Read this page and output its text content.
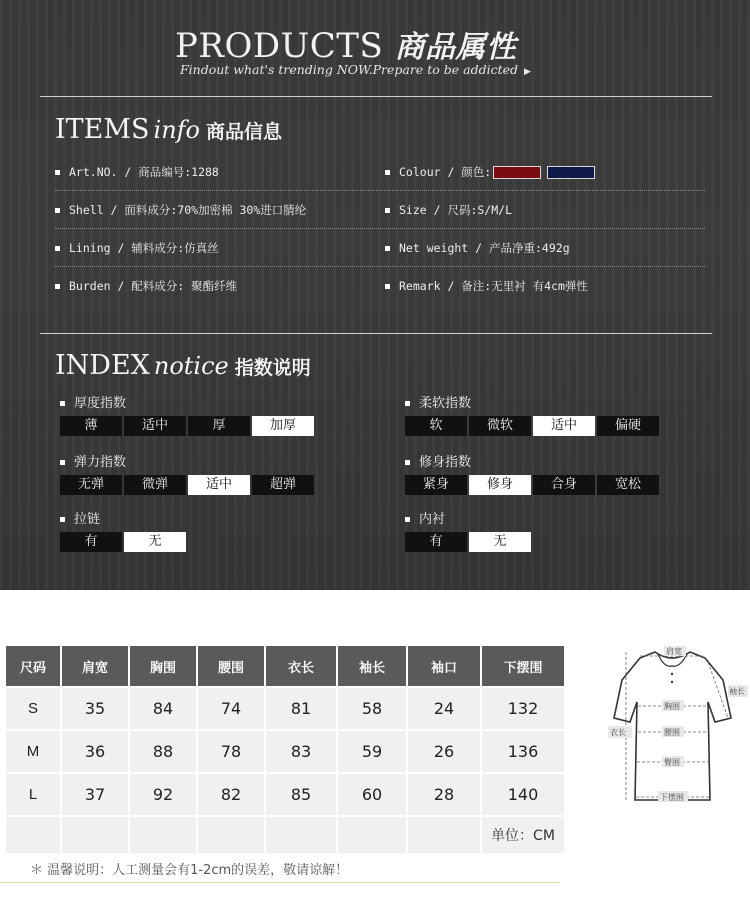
PRODUCTS 商品属性
Findout what's trending NOW.Prepare to be addicted ▶
ITEMS info 商品信息
Art.NO. / 商品编号:1288	Colour / 颜色:
Shell / 面料成分:70%加密棉 30%进口腈纶	Size / 尺码:S/M/L
Lining / 辅料成分:仿真丝	Net weight / 产品净重:492g
Burden / 配料成分: 聚酯纤维	Remark / 备注:无里衬 有4cm弹性
INDEX notice 指数说明
厚度指数
薄	适中	厚	加厚
柔软指数
软	微软	适中	偏硬
弹力指数
无弹	微弹	适中	超弹
修身指数
紧身	修身	合身	宽松
拉链
有	无
内衬
有	无
尺码	肩宽	胸围	腰围	衣长	袖长	袖口	下摆围
S	35	84	74	81	58	24	132
M	36	88	78	83	59	26	136
L	37	92	82	85	60	28	140
							单位：CM
＊ 温馨说明：人工测量会有1-2cm的误差，敬请谅解！
肩宽
袖长
衣长
胸围
腰围
臀围
下摆围
